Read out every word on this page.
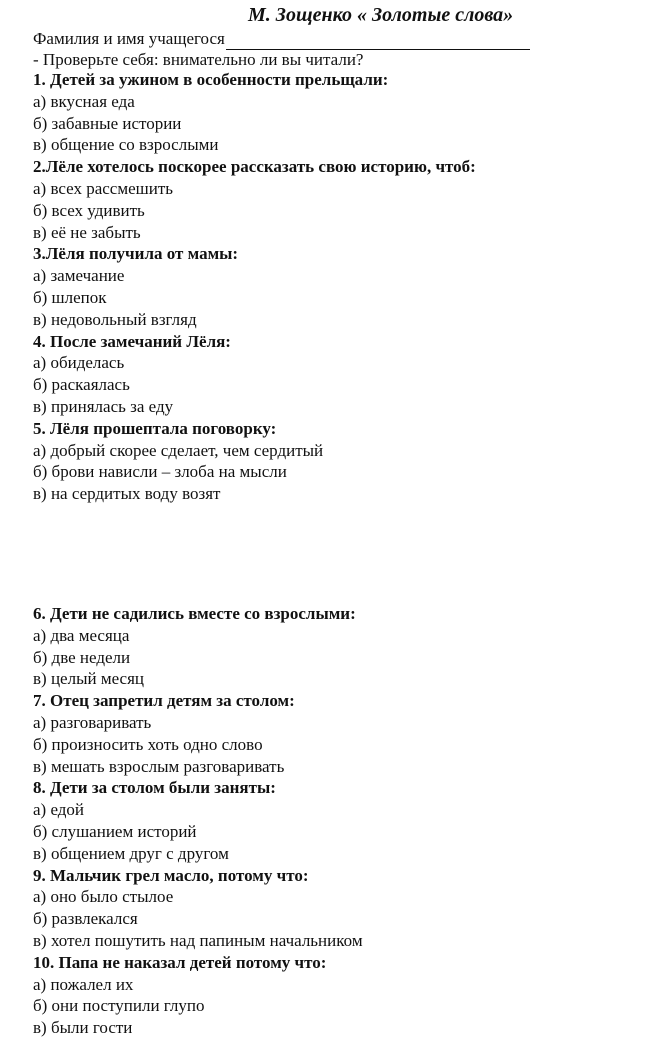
М. Зощенко « Золотые слова»
Фамилия и имя учащегося
- Проверьте себя: внимательно ли вы читали?
1. Детей за ужином в особенности прельщали:
а) вкусная еда
б) забавные истории
в) общение со взрослыми
2.Лёле хотелось поскорее рассказать свою историю, чтоб:
а) всех рассмешить
б) всех удивить
в) её не забыть
3.Лёля получила от мамы:
а) замечание
б) шлепок
в) недовольный взгляд
4. После замечаний Лёля:
а) обиделась
б) раскаялась
в) принялась за еду
5. Лёля прошептала поговорку:
а) добрый скорее сделает, чем сердитый
б) брови нависли – злоба на мысли
в) на сердитых воду возят
6. Дети не садились вместе со взрослыми:
а) два месяца
б) две недели
в) целый месяц
7. Отец запретил детям за столом:
а) разговаривать
б) произносить хоть одно слово
в) мешать взрослым разговаривать
8. Дети за столом были заняты:
а) едой
б) слушанием историй
в) общением друг с другом
9. Мальчик грел масло, потому что:
а) оно было стылое
б) развлекался
в) хотел пошутить над папиным начальником
10. Папа не наказал детей потому что:
а) пожалел их
б) они поступили глупо
в) были гости
